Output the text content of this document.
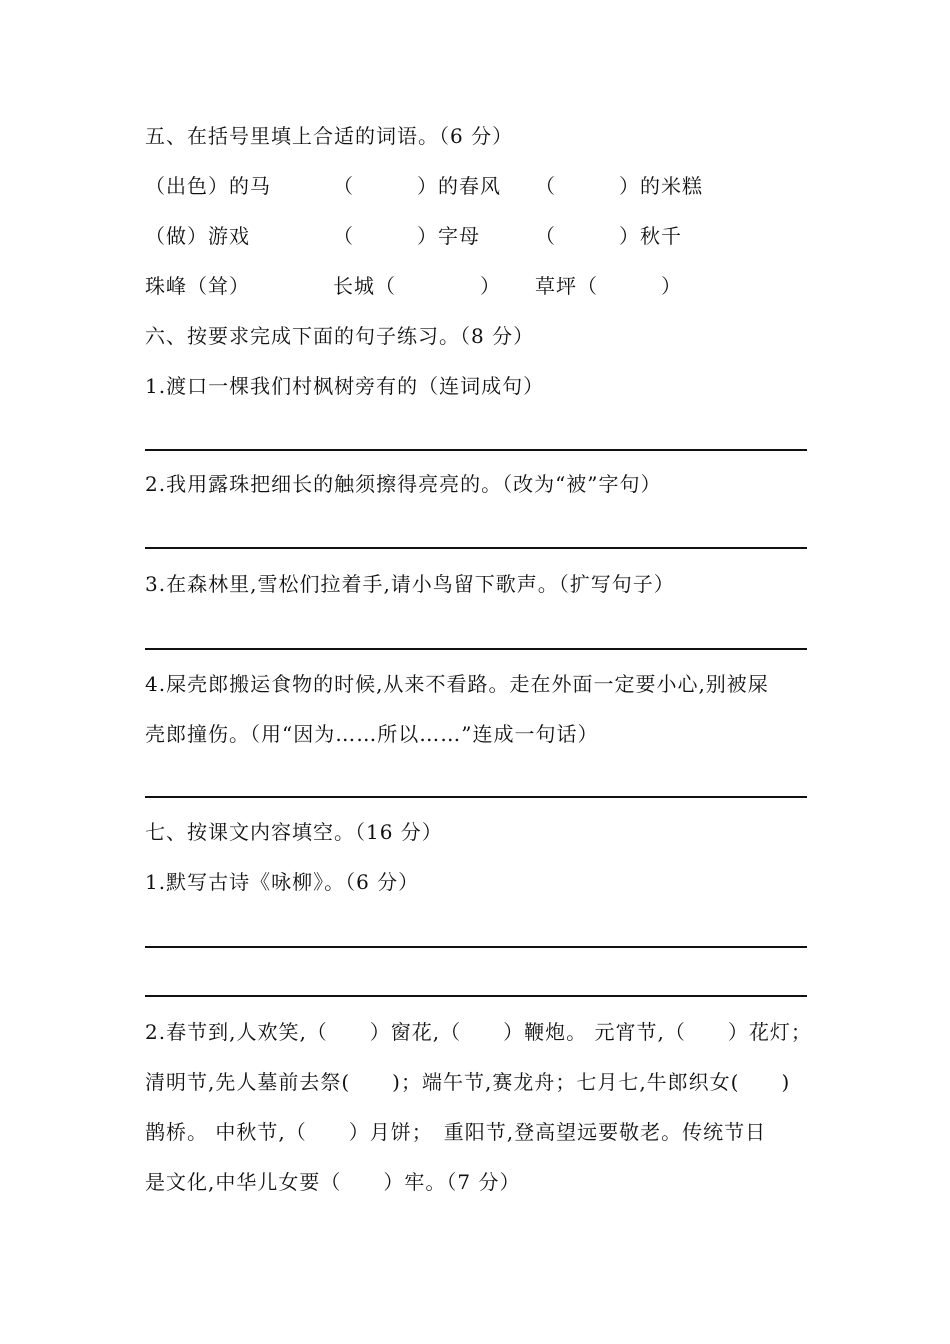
五、在括号里填上合适的词语。（6 分）

（出色）的马	（　　　）的春风 （　　　）的米糕
（做）游戏	（　　　）字母	（　　　）秋千
珠峰（耸）	长城（　　　　） 草坪（　　　）

六、按要求完成下面的句子练习。（8 分）

1.渡口一棵我们村枫树旁有的（连词成句）

2.我用露珠把细长的触须擦得亮亮的。（改为“被”字句）

3.在森林里,雪松们拉着手,请小鸟留下歌声。（扩写句子）

4.屎壳郎搬运食物的时候,从来不看路。走在外面一定要小心,别被屎

壳郎撞伤。（用“因为……所以……”连成一句话）

七、按课文内容填空。（16 分）

1.默写古诗《咏柳》。（6 分）

2.春节到,人欢笑,（　　）窗花,（　　）鞭炮。 元宵节,（　　）花灯；

清明节,先人墓前去祭(　　)；端午节,赛龙舟；七月七,牛郎织女(　　)

鹊桥。 中秋节,（　　）月饼；　重阳节,登高望远要敬老。传统节日

是文化,中华儿女要（　　）牢。（7 分）
